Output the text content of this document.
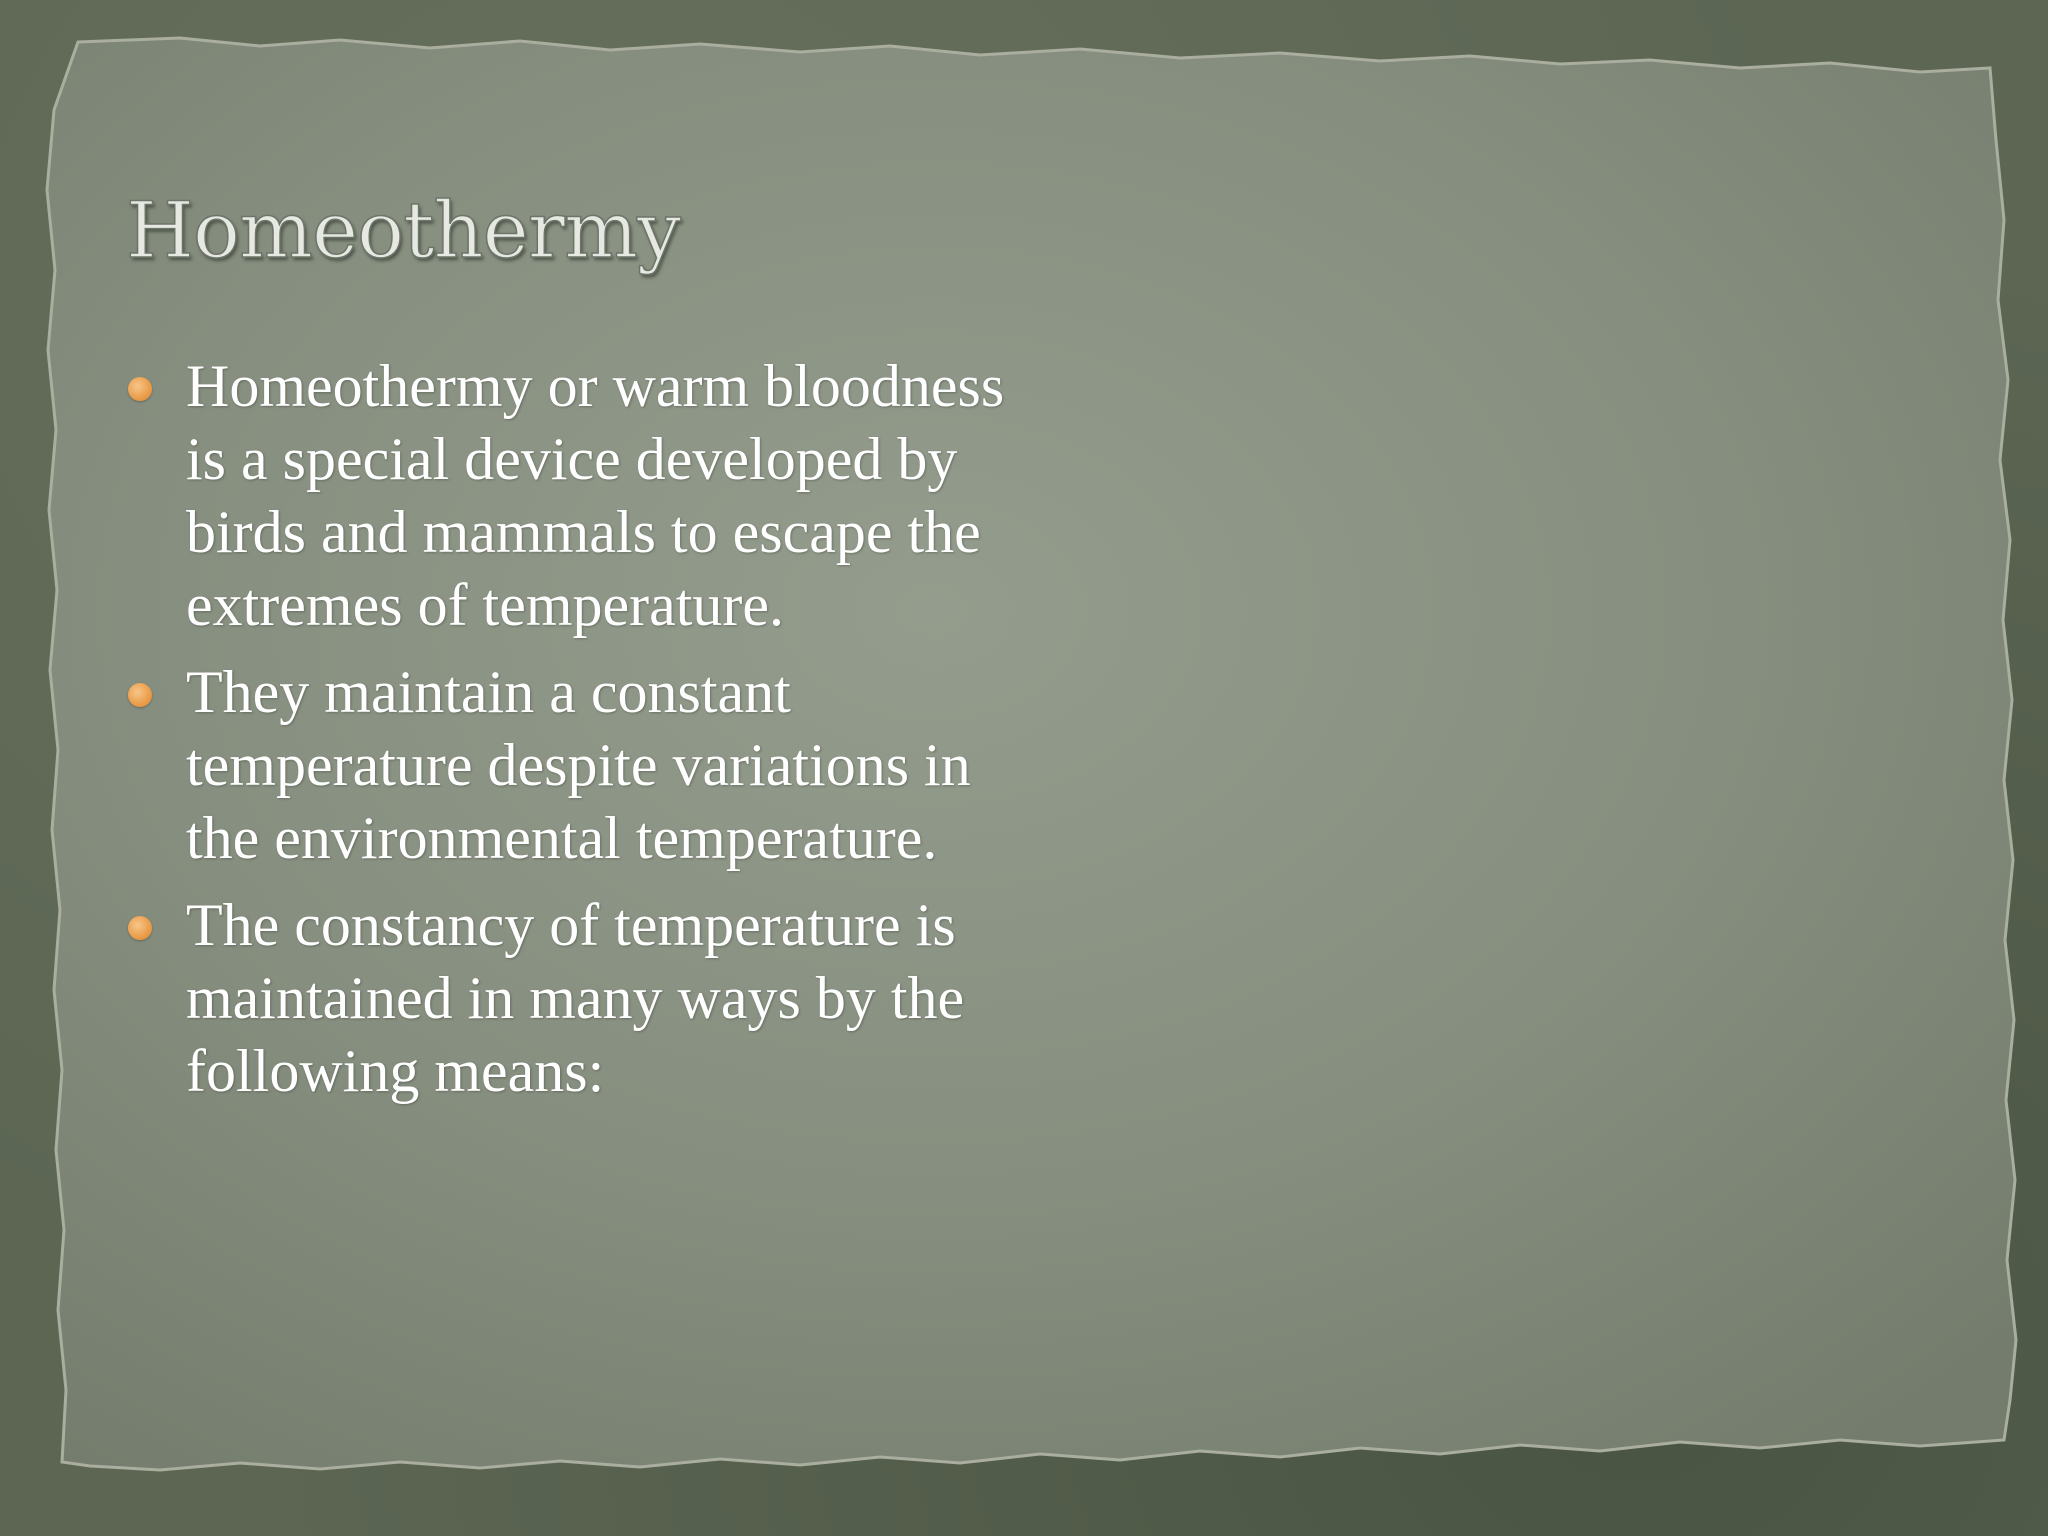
Homeothermy
Homeothermy or warm bloodness is a special device developed by birds and mammals to escape the extremes of temperature.
They maintain a constant temperature despite variations in the environmental temperature.
The constancy of temperature is maintained in many ways by the following means:
